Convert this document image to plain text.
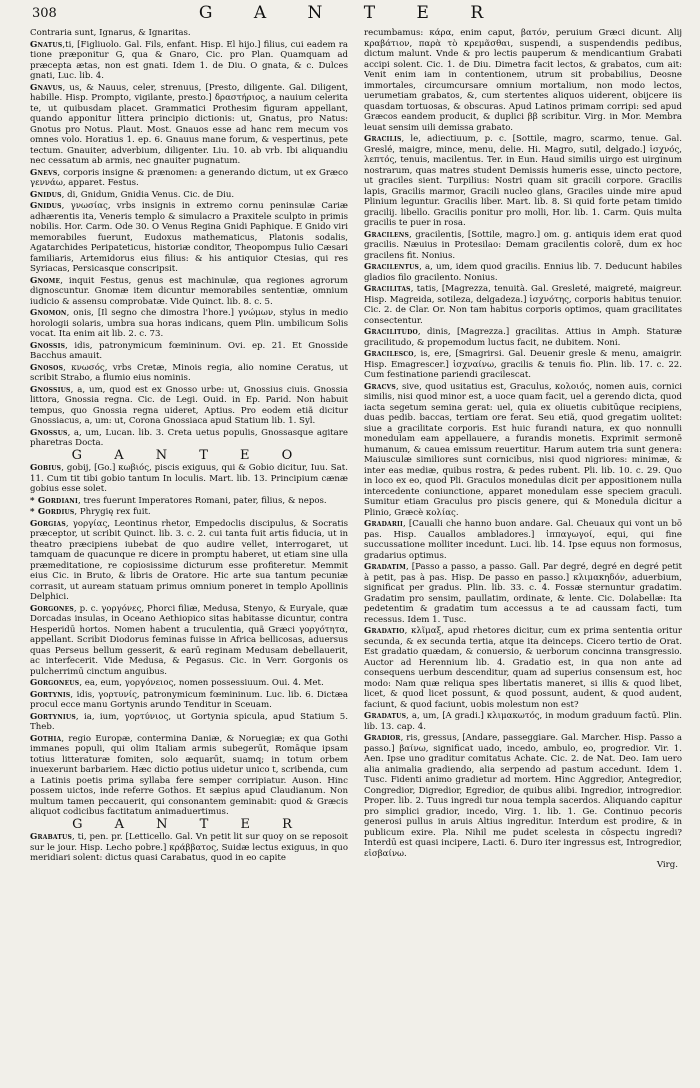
308	G A N T E R

Contraria sunt, Ignarus, & Ignaritas.

Gnatus,ti, [Figliuolo. Gal. Fils, enfant. Hisp. El hijo.] filius, cui eadem ra tione præponitur G, qua & Gnaro, Cic. pro Plan. Quamquam ad præcepta ætas, non est gnati. Idem 1. de Diu. O gnata, & c. Dulces gnati, Luc. lib. 4.

Gnavus, us, & Nauus, celer, strenuus, [Presto, diligente. Gal. Diligent, habille. Hisp. Prompto, vigilante, presto.] δραστήριος, a nauium celerita te, ut quibusdam placet. Grammatici Prothesim figuram appellant, quando apponitur littera principio dictionis: ut, Gnatus, pro Natus: Gnotus pro Notus. Plaut. Most. Gnauos esse ad hanc rem mecum vos omnes volo. Horatius 1. ep. 6. Gnauus mane forum, & vespertinus, pete tectum. Gnauiter, adverbium, diligenter. Liu. 10. ab vrb. Ibi aliquandiu nec cessatum ab armis, nec gnauiter pugnatum.

Gnevs, corporis insigne & prænomen: a generando dictum, ut ex Græco γεννάω, apparet. Festus.

Gnidus, di, Gnidum, Gnidia Venus. Cic. de Diu.

Gnidus, γνωσίας, vrbs insignis in extremo cornu peninsulæ Cariæ adhærentis ita, Veneris templo & simulacro a Praxitele sculpto in primis nobilis. Hor. Carm. Ode 30. O Venus Regina Gnidi Paphique. E Gnido viri memorabiles fuerunt, Eudoxus mathematicus, Platonis sodalis, Agatarchides Peripateticus, historiæ conditor, Theopompus Iulio Cæsari familiaris, Artemidorus eius filius: & his antiquior Ctesias, qui res Syriacas, Persicasque conscripsit.

Gnome, inquit Festus, genus est machinulæ, qua regiones agrorum dignoscuntur. Gnomæ item dicuntur memorabiles sententiæ, omnium iudicio & assensu comprobatæ. Vide Quinct. lib. 8. c. 5.

Gnomon, onis, [Il segno che dimostra l'hore.] γνώμων, stylus in medio horologii solaris, umbra sua horas indicans, quem Plin. umbilicum Solis vocat. Ita enim ait lib. 2. c. 73.

Gnossis, idis, patronymicum fœmininum. Ovi. ep. 21. Et Gnosside Bacchus amauit.

Gnosos, κνωσός, vrbs Cretæ, Minois regia, alio nomine Ceratus, ut scribit Strabo, a flumio eius nominis.

Gnossius, a, um, quod est ex Gnosso urbe: ut, Gnossius ciuis. Gnossia littora, Gnossia regna. Cic. de Legi. Ouid. in Ep. Parid. Non habuit tempus, quo Gnossia regna uideret, Aptius. Pro eodem etiã dicitur Gnossiacus, a, um: ut, Corona Gnossiaca apud Statium lib. 1. Syl.

Gnossus, a, um, Lucan. lib. 3. Creta uetus populis, Gnossasque agitare pharetras Docta.

G A N T E O

Gobius, gobij, [Go.] κωβιός, piscis exiguus, qui & Gobio dicitur, Iuu. Sat. 11. Cum tit tibi gobio tantum In loculis. Mart. lib. 13. Principium cænæ gobius esse solet.

* Gordiani, tres fuerunt Imperatores Romani, pater, filius, & nepos.

* Gordius, Phrygię rex fuit.

Gorgias, γοργίας, Leontinus rhetor, Empedoclis discipulus, & Socratis præceptor, ut scribit Quinct. lib. 3. c. 2. cui tanta fuit artis fiducia, ut in theatro præcipiens iubebat de quo audire vellet, interrogaret, ut tamquam de quacunque re dicere in promptu haberet, ut etiam sine ulla præmeditatione, re copiosissime dicturum esse profiteretur. Memmit eius Cic. in Bruto, & libris de Oratore. Hic arte sua tantum pecuniæ corrasit, ut auream statuam primus omnium poneret in templo Apollinis Delphici.

Gorgones, p. c. γοργόνες, Phorci filiæ, Medusa, Stenyo, & Euryale, quæ Dorcadas insulas, in Oceano Aethiopico sitas habitasse dicuntur, contra Hesperidū hortos. Nomen habent a truculentia, quã Græci γοργότητα, appellant. Scribit Diodorus feminas fuisse in Africa bellicosas, aduersus quas Perseus bellum gesserit, & earū reginam Medusam debellauerit, ac interfecerit. Vide Medusa, & Pegasus. Cic. in Verr. Gorgonis os pulcherrimū cinctum anguibus.

Gorgoneus, ea, eum, γοργόνειος, nomen possessiuum. Oui. 4. Met.

Gortynis, idis, γορτυνίς, patronymicum fœmininum. Luc. lib. 6. Dictæa procul ecce manu Gortynis arundo Tenditur in Sceuam.

Gortynius, ia, ium, γορτύνιος, ut Gortynia spicula, apud Statium 5. Theb.

Gothia, regio Europæ, contermina Daniæ, & Noruegiæ; ex qua Gothi immanes populi, qui olim Italiam armis subegerūt, Romāque ipsam totius litteraturæ fomiten, solo æquarūt, suamq; in totum orbem inuexerunt barbariem. Hæc dictio potius uidetur unico t, scribenda, cum a Latinis poetis prima syllaba fere semper corripiatur. Auson. Hinc possem uictos, inde referre Gothos. Et sæpius apud Claudianum. Non multum tamen peccauerit, qui consonantem geminabit: quod & Græcis aliquot codicibus factitatum animaduertimus.

G A N T E R

Grabatus, ti, pen. pr. [Letticello. Gal. Vn petit lit sur quoy on se reposoit sur le jour. Hisp. Lecho pobre.] κράββατος, Suidæ lectus exiguus, in quo meridiari solent: dictus quasi Carabatus, quod in eo capite

recumbamus: κάρα, enim caput, βατόν, peruium Græci dicunt. Alij κραβάτιον, παρὰ τὸ κρεμᾶσθαι, suspendi, a suspendendis pedibus, dictum malunt. Vnde & pro lectis pauperum & mendicantium Grabati accipi solent. Cic. 1. de Diu. Dimetra facit lectos, & grabatos, cum ait: Venit enim iam in contentionem, utrum sit probabilius, Deosne immortales, circumcursare omnium mortalium, non modo lectos, uerumetiam grabatos, &, cum stertentes aliquos uiderent, obijcere iis quasdam tortuosas, & obscuras. Apud Latinos primam corripi: sed apud Græcos eandem producit, & duplici ββ scribitur. Virg. in Mor. Membra leuat sensim uili demissa grabato.

Gracilis, le, adiectiuum, p. c. [Sottile, magro, scarmo, tenue. Gal. Greslé, maigre, mince, menu, delie. Hi. Magro, sutil, delgado.] ἰσχνός, λεπτός, tenuis, macilentus. Ter. in Eun. Haud similis uirgo est uirginum nostrarum, quas matres student Demissis humeris esse, uincto pectore, ut graciles sient. Turpilius: Nostri quam sit gracili corpore. Gracilis lapis, Gracilis marmor, Gracili nucleo glans, Graciles uinde mire apud Plinium leguntur. Gracilis liber. Mart. lib. 8. Si quid forte petam timido gracilij. libello. Gracilis ponitur pro molli, Hor. lib. 1. Carm. Quis multa gracilis te puer in rosa.

Gracilens, gracilentis, [Sottile, magro.] om. g. antiquis idem erat quod gracilis. Næuius in Protesilao: Demam gracilentis colorē, dum ex hoc gracilens fit. Nonius.

Gracilentus, a, um, idem quod gracilis. Ennius lib. 7. Deducunt habiles gladios filo gracilento. Nonius.

Gracilitas, tatis, [Magrezza, tenuità. Gal. Gresleté, maigreté, maigreur. Hisp. Magreida, sotileza, delgadeza.] ἰσχνότης, corporis habitus tenuior. Cic. 2. de Clar. Or. Non tam habitus corporis optimos, quam gracilitates consectentur.

Gracilitudo, dinis, [Magrezza.] gracilitas. Attius in Amph. Staturæ gracilitudo, & propemodum luctus facit, ne dubitem. Noni.

Gracilesco, is, ere, [Smagrirsi. Gal. Deuenir gresle & menu, amaigrir. Hisp. Emagrescer.] ἰσχναίνω, gracilis & tenuis fio. Plin. lib. 17. c. 22. Cum festinatione pariendi gracilescat.

Gracvs, sive, quod usitatius est, Graculus, κολοιός, nomen auis, cornici similis, nisi quod minor est, a uoce quam facit, uel a gerendo dicta, quod iacta segetum semina gerat: uel, quia ex oliuetis cubitūque recipiens, duas pedib. baccas, tertiam ore ferat. Seu etiã, quod gregatim uolitet: siue a gracilitate corporis. Est huic furandi natura, ex quo nonnulli monedulam eam appellauere, a furandis monetis. Exprimit sermonē humanum, & cauea emissum reuertitur. Harum autem tria sunt genera: Maiusculæ similiores sunt cornicibus, nisi quod nigriores: minimæ, & inter eas mediæ, quibus rostra, & pedes rubent. Pli. lib. 10. c. 29. Quo in loco ex eo, quod Pli. Graculos monedulas dicit per appositionem nulla intercedente coniunctione, apparet monedulam esse speciem graculi. Sumitur etiam Graculus pro piscis genere, qui & Monedula dicitur a Plinio, Græcè κολίας.

Gradarii, [Caualli che hanno buon andare. Gal. Cheuaux qui vont un bō pas. Hisp. Cauallos ambladores.] ἱππαγωγοί, equi, qui fine succussatione molliter incedunt. Luci. lib. 14. Ipse equus non formosus, gradarius optimus.

Gradatim, [Passo a passo, a passo. Gall. Par degré, degré en degré petit à petit, pas à pas. Hisp. De passo en passo.] κλιμακηδόν, aduerbium, significat per gradus. Plin. lib. 33. c. 4. Fossæ sternuntur gradatim. Gradatim pro sensim, paullatim, ordinate, & lente. Cic. Dolabellæ: Ita pedetentim & gradatim tum accessus a te ad caussam facti, tum recessus. Idem 1. Tusc.

Gradatio, κλῖμαξ, apud rhetores dicitur, cum ex prima sententia oritur secunda, & ex secunda tertia, atque ita deinceps. Cicero tertio de Orat. Est gradatio quædam, & conuersio, & uerborum concinna transgressio. Auctor ad Herennium lib. 4. Gradatio est, in qua non ante ad consequens uerbum descenditur, quam ad superius consensum est, hoc modo: Nam quæ reliqua spes libertatis maneret, si illis & quod libet, licet, & quod licet possunt, & quod possunt, audent, & quod audent, faciunt, & quod faciunt, uobis molestum non est?

Gradatus, a, um, [A gradi.] κλιμακωτός, in modum graduum factū. Plin. lib. 13. cap. 4.

Gradior, ris, gressus, [Andare, passeggiare. Gal. Marcher. Hisp. Passo a passo.] βαίνω, significat uado, incedo, ambulo, eo, progredior. Vir. 1. Aen. Ipse uno graditur comitatus Achate. Cic. 2. de Nat. Deo. Iam uero alia animalia gradiendo, alia serpendo ad pastum accedunt. Idem 1. Tusc. Fidenti animo gradietur ad mortem. Hinc Aggredior, Antegredior, Congredior, Digredior, Egredior, de quibus alibi. Ingredior, introgredior. Proper. lib. 2. Tuus ingredi tur noua templa sacerdos. Aliquando capitur pro simplici gradior, incedo, Virg. 1. lib. 1. Ge. Continuo pecoris generosi pullus in aruis Altius ingreditur. Interdum est prodire, & in publicum exire. Pla. Nihil me pudet scelesta in cōspectu ingredi? Interdū est quasi incipere, Lacti. 6. Duro iter ingressus est, Introgredior, εἰσβαίνω.

Virg.
